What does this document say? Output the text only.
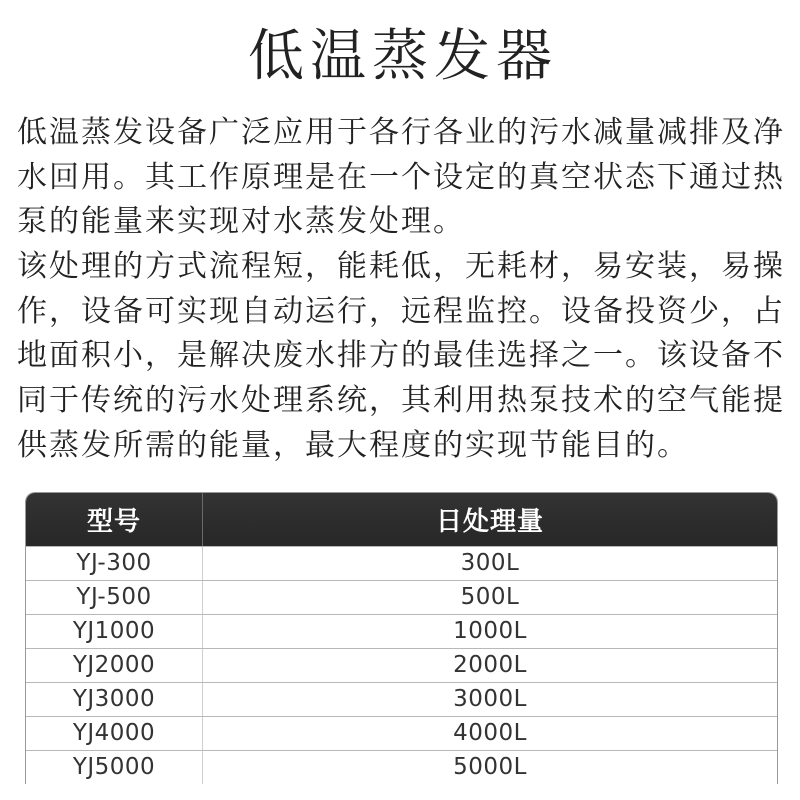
低温蒸发器
低温蒸发设备广泛应用于各行各业的污水减量减排及净
水回用。其工作原理是在一个设定的真空状态下通过热
泵的能量来实现对水蒸发处理。
该处理的方式流程短，能耗低，无耗材，易安装，易操
作，设备可实现自动运行，远程监控。设备投资少，占
地面积小，是解决废水排方的最佳选择之一。该设备不
同于传统的污水处理系统，其利用热泵技术的空气能提
供蒸发所需的能量，最大程度的实现节能目的。
型号	日处理量
YJ-300	300L
YJ-500	500L
YJ1000	1000L
YJ2000	2000L
YJ3000	3000L
YJ4000	4000L
YJ5000	5000L
